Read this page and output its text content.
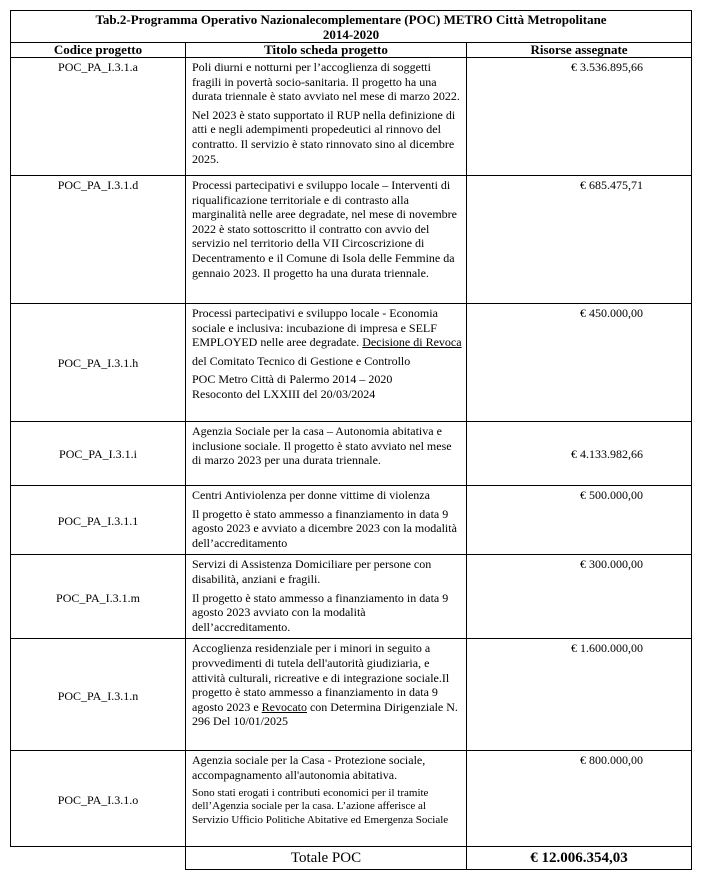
Tab.2-Programma Operativo Nazionalecomplementare (POC) METRO Città Metropolitane
2014-2020		
Codice progetto	Titolo scheda progetto	Risorse assegnate
POC_PA_I.3.1.a	Poli diurni e notturni per l’accoglienza di soggetti fragili in povertà socio-sanitaria. Il progetto ha una durata triennale è stato avviato nel mese di marzo 2022.

Nel 2023 è stato supportato il RUP nella definizione di atti e negli adempimenti propedeutici al rinnovo del contratto. Il servizio è stato rinnovato sino al dicembre 2025.	€ 3.536.895,66
POC_PA_I.3.1.d	Processi partecipativi e sviluppo locale – Interventi di riqualificazione territoriale e di contrasto alla marginalità nelle aree degradate, nel mese di novembre 2022 è stato sottoscritto il contratto con avvio del servizio nel territorio della VII Circoscrizione di Decentramento e il Comune di Isola delle Femmine da gennaio 2023. Il progetto ha una durata triennale.	€ 685.475,71
POC_PA_I.3.1.h	Processi partecipativi e sviluppo locale - Economia sociale e inclusiva: incubazione di impresa e SELF EMPLOYED nelle aree degradate. Decisione di Revoca

del Comitato Tecnico di Gestione e Controllo

POC Metro Città di Palermo 2014 – 2020
Resoconto del LXXIII del 20/03/2024	€ 450.000,00
POC_PA_I.3.1.i	Agenzia Sociale per la casa – Autonomia abitativa e inclusione sociale. Il progetto è stato avviato nel mese di marzo 2023 per una durata triennale.	€ 4.133.982,66
POC_PA_I.3.1.1	Centri Antiviolenza per donne vittime di violenza

Il progetto è stato ammesso a finanziamento in data 9 agosto 2023 e avviato a dicembre 2023 con la modalità dell’accreditamento	€ 500.000,00
POC_PA_I.3.1.m	Servizi di Assistenza Domiciliare per persone con disabilità, anziani e fragili.

Il progetto è stato ammesso a finanziamento in data 9 agosto 2023 avviato con la modalità dell’accreditamento.	€ 300.000,00
POC_PA_I.3.1.n	Accoglienza residenziale per i minori in seguito a provvedimenti di tutela dell'autorità giudiziaria, e attività culturali, ricreative e di integrazione sociale.Il progetto è stato ammesso a finanziamento in data 9 agosto 2023 e Revocato con Determina Dirigenziale N. 296 Del 10/01/2025	€ 1.600.000,00
POC_PA_I.3.1.o	Agenzia sociale per la Casa - Protezione sociale, accompagnamento all'autonomia abitativa.

Sono stati erogati i contributi economici per il tramite dell’Agenzia sociale per la casa. L’azione afferisce al Servizio Ufficio Politiche Abitative ed Emergenza Sociale	€ 800.000,00
	Totale POC	€ 12.006.354,03
